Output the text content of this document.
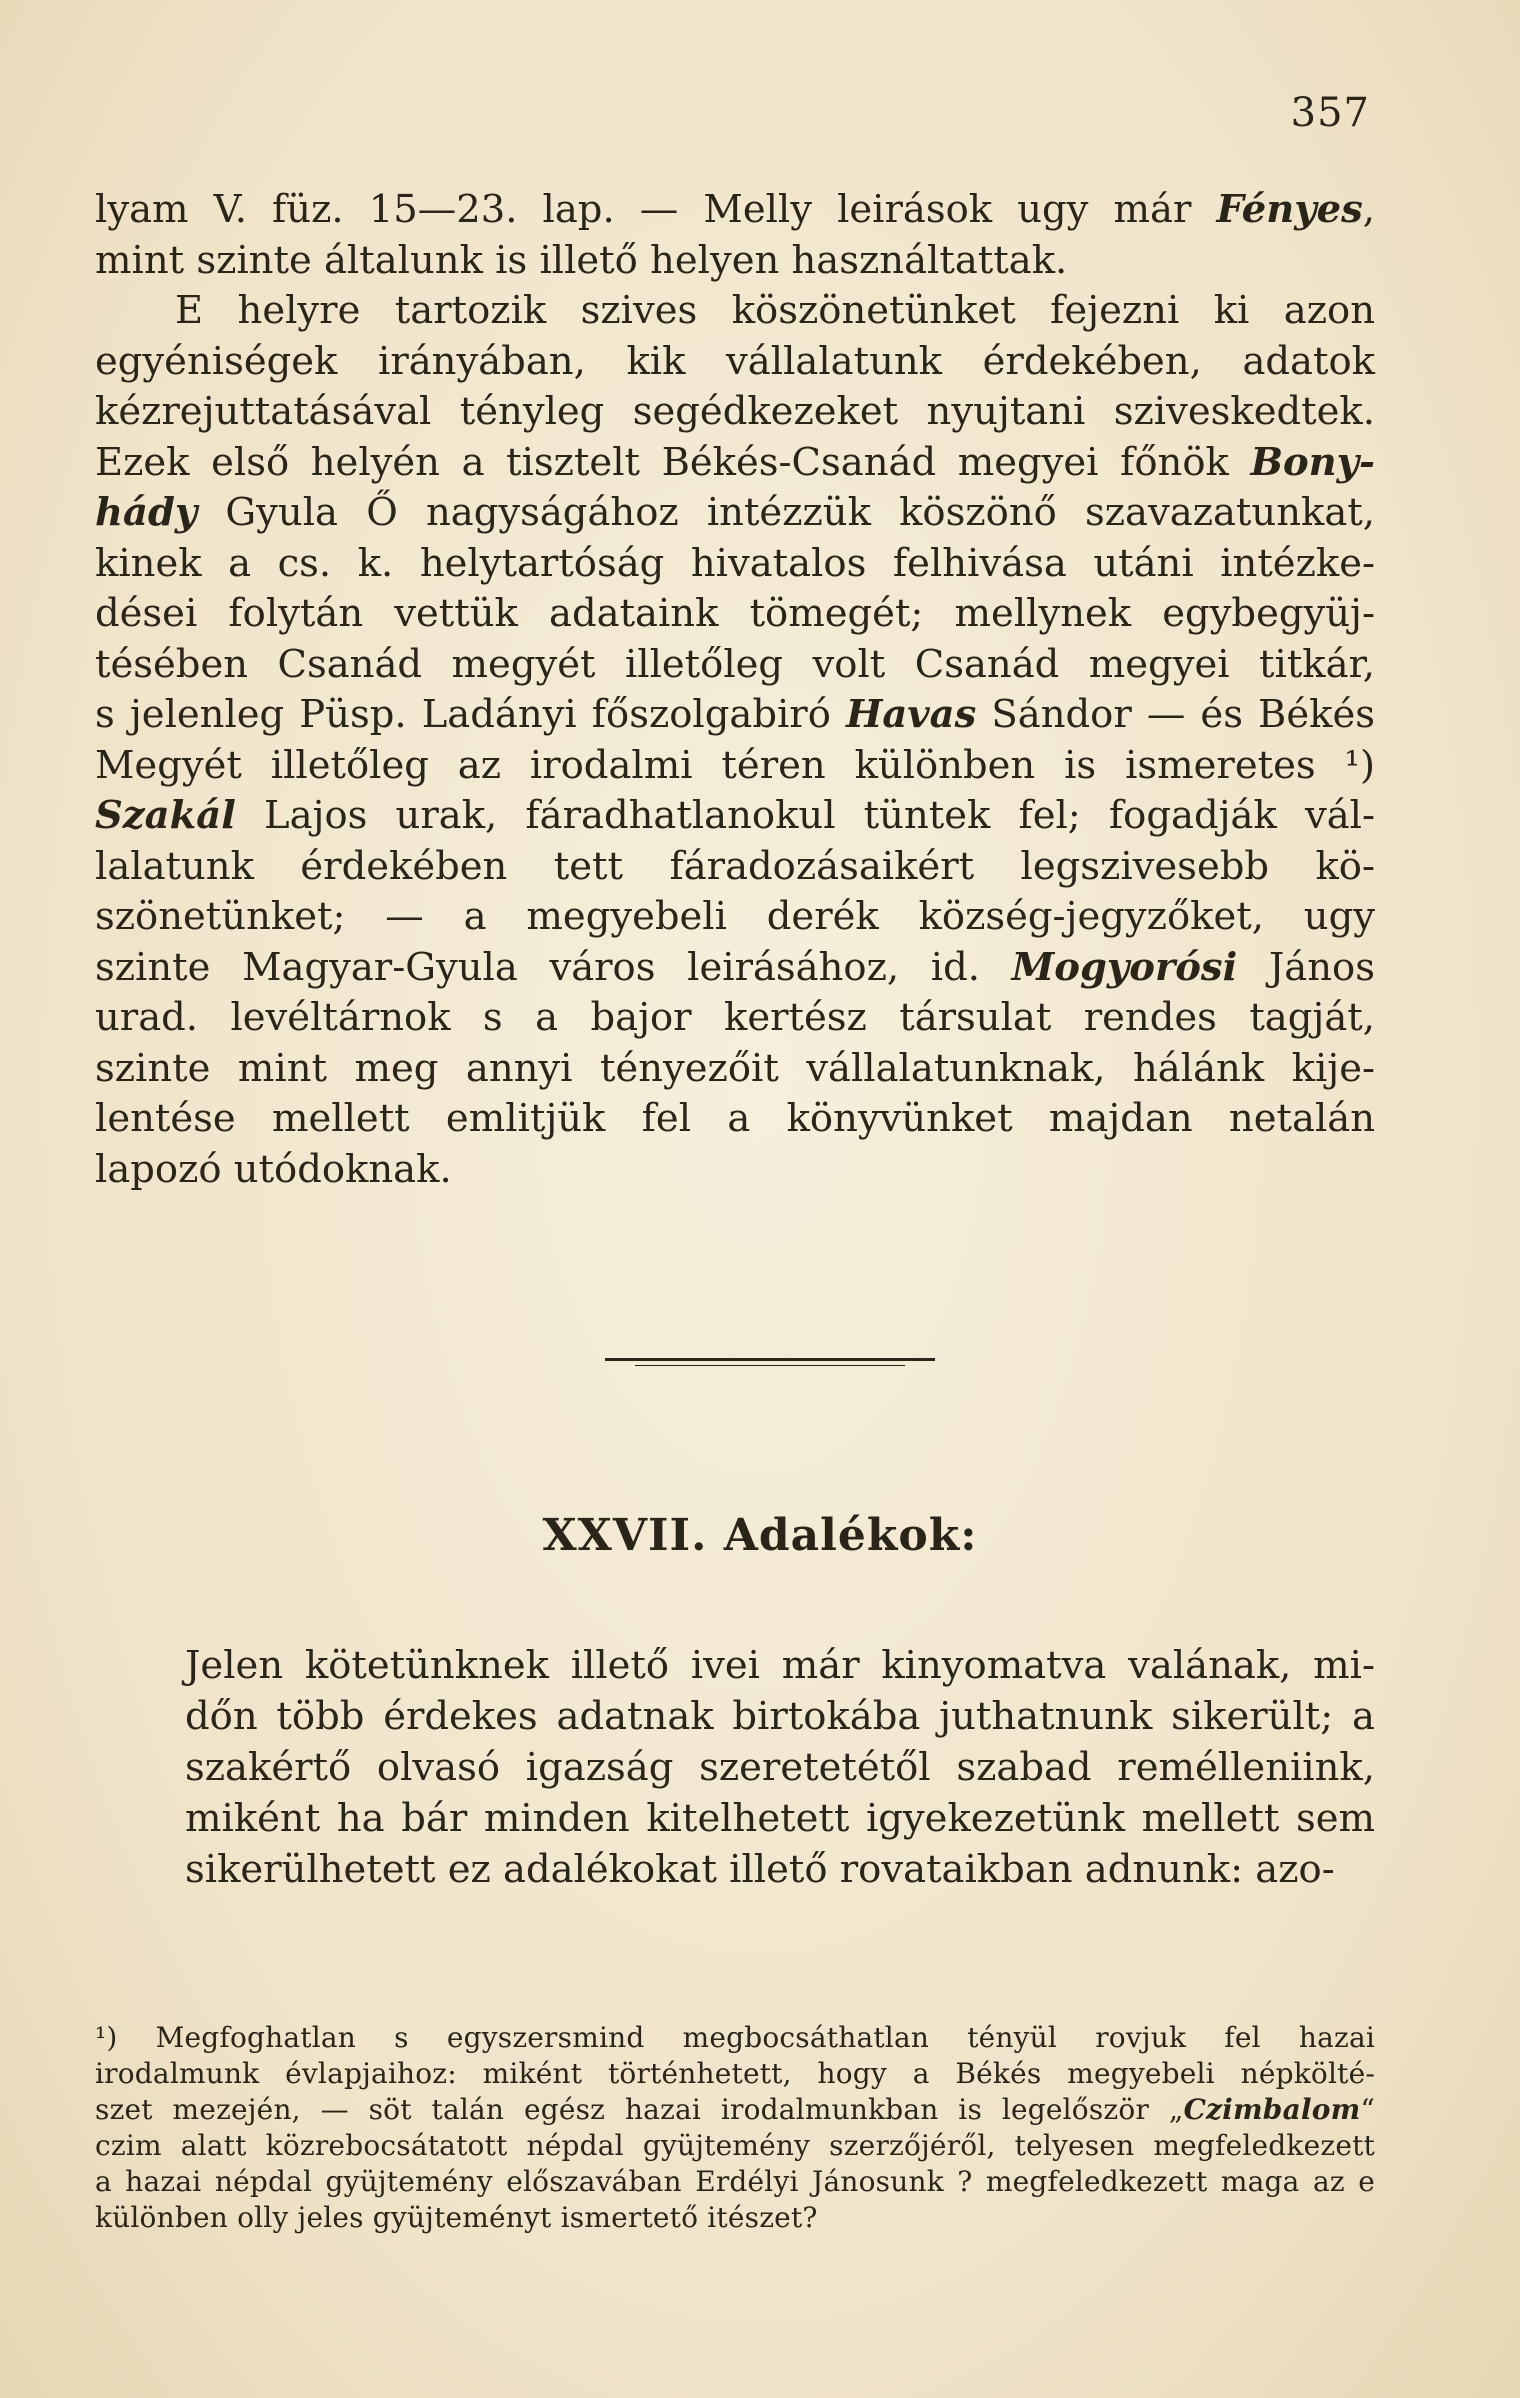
357
lyam V. füz. 15—23. lap. — Melly leirások ugy már Fényes,
mint szinte általunk is illető helyen használtattak.
E helyre tartozik szives köszönetünket fejezni ki azon
egyéniségek irányában, kik vállalatunk érdekében, adatok
kézrejuttatásával tényleg segédkezeket nyujtani sziveskedtek.
Ezek első helyén a tisztelt Békés-Csanád megyei főnök Bony-
hády Gyula Ő nagyságához intézzük köszönő szavazatunkat,
kinek a cs. k. helytartóság hivatalos felhivása utáni intézke-
dései folytán vettük adataink tömegét; mellynek egybegyüj-
tésében Csanád megyét illetőleg volt Csanád megyei titkár,
s jelenleg Püsp. Ladányi főszolgabiró Havas Sándor — és Békés
Megyét illetőleg az irodalmi téren különben is ismeretes ¹)
Szakál Lajos urak, fáradhatlanokul tüntek fel; fogadják vál-
lalatunk érdekében tett fáradozásaikért legszivesebb kö-
szönetünket; — a megyebeli derék község-jegyzőket, ugy
szinte Magyar-Gyula város leirásához, id. Mogyorósi János
urad. levéltárnok s a bajor kertész társulat rendes tagját,
szinte mint meg annyi tényezőit vállalatunknak, hálánk kije-
lentése mellett emlitjük fel a könyvünket majdan netalán
lapozó utódoknak.
XXVII. Adalékok:
Jelen kötetünknek illető ivei már kinyomatva valának, mi-
dőn több érdekes adatnak birtokába juthatnunk sikerült; a
szakértő olvasó igazság szeretetétől szabad remélleniink,
miként ha bár minden kitelhetett igyekezetünk mellett sem
sikerülhetett ez adalékokat illető rovataikban adnunk: azo-
¹) Megfoghatlan s egyszersmind megbocsáthatlan tényül rovjuk fel hazai
irodalmunk évlapjaihoz: miként történhetett, hogy a Békés megyebeli népkölté-
szet mezején, — söt talán egész hazai irodalmunkban is legelőször „Czimbalom“
czim alatt közrebocsátatott népdal gyüjtemény szerzőjéről, telyesen megfeledkezett
a hazai népdal gyüjtemény előszavában Erdélyi Jánosunk ? megfeledkezett maga az e
különben olly jeles gyüjteményt ismertető itészet?
